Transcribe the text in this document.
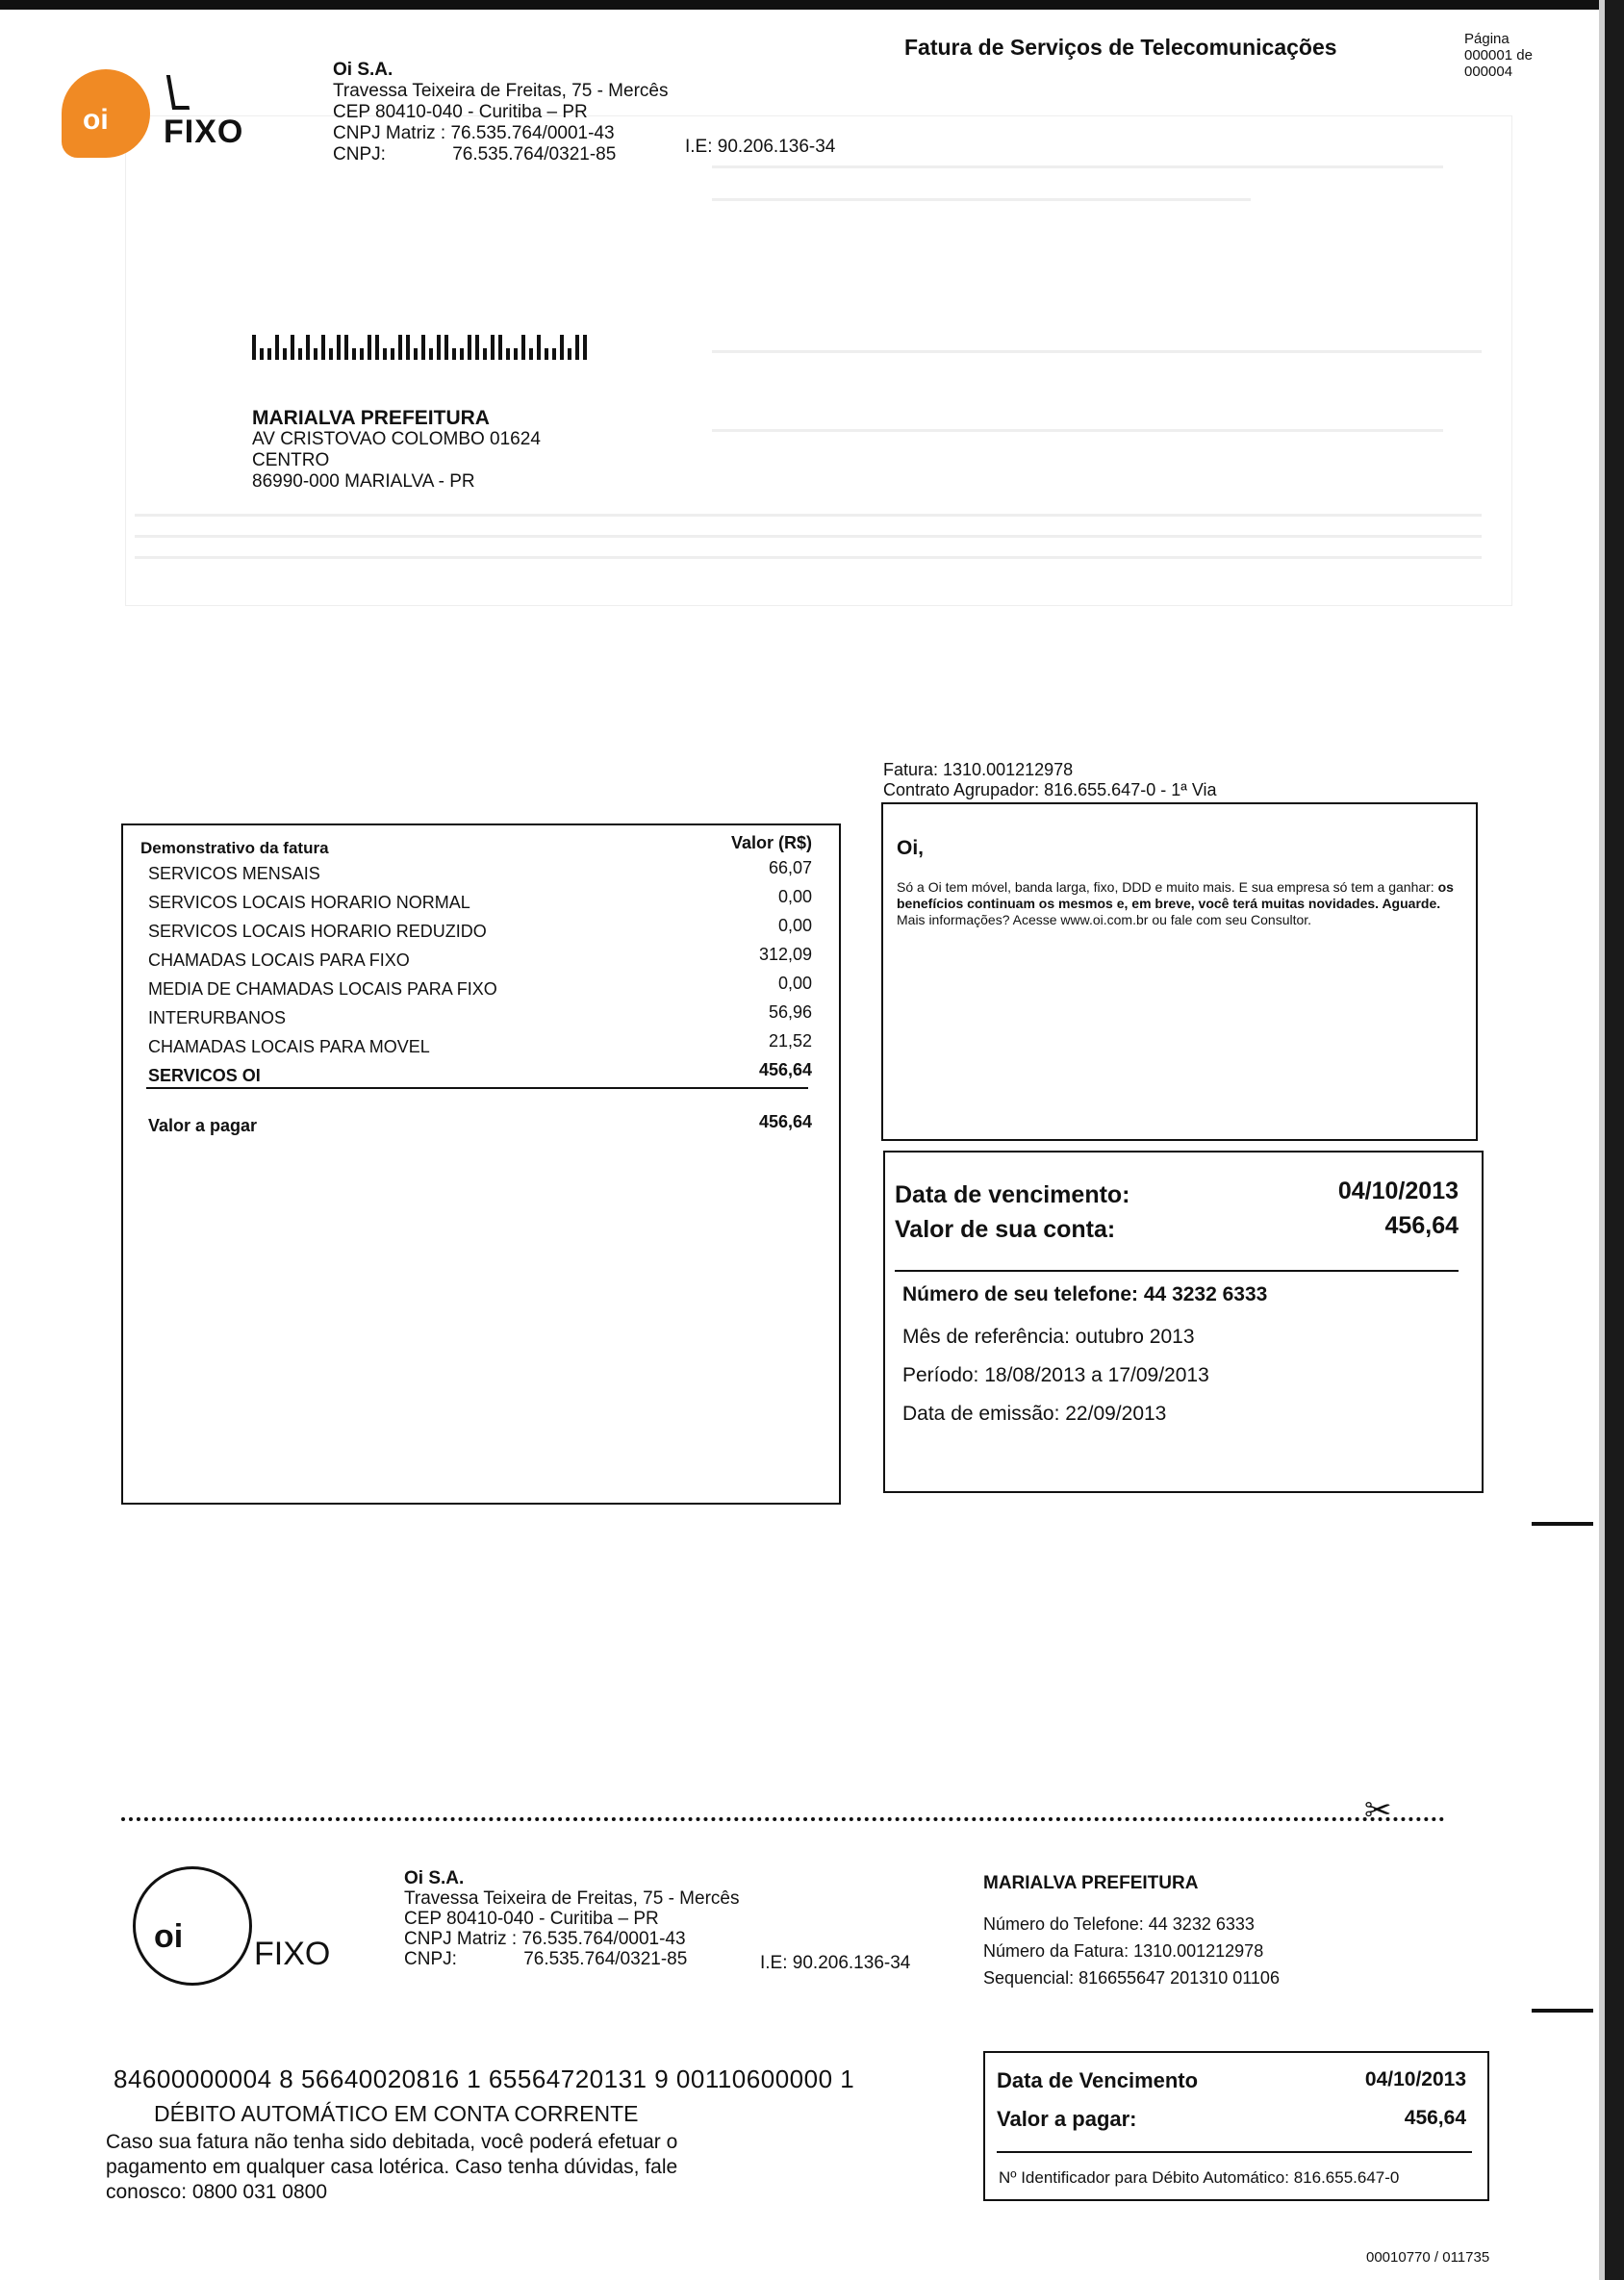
oi FIXO
Oi S.A.
Travessa Teixeira de Freitas, 75 - Mercês
CEP 80410-040 - Curitiba – PR
CNPJ Matriz : 76.535.764/0001-43
CNPJ:	76.535.764/0321-85	I.E: 90.206.136-34
Fatura de Serviços de Telecomunicações	Página
000001 de
000004
MARIALVA PREFEITURA
AV CRISTOVAO COLOMBO 01624
CENTRO
86990-000 MARIALVA - PR
Fatura: 1310.001212978
Contrato Agrupador: 816.655.647-0 - 1ª Via
Demonstrativo da fatura	Valor (R$)
SERVICOS MENSAIS	66,07
SERVICOS LOCAIS HORARIO NORMAL	0,00
SERVICOS LOCAIS HORARIO REDUZIDO	0,00
CHAMADAS LOCAIS PARA FIXO	312,09
MEDIA DE CHAMADAS LOCAIS PARA FIXO	0,00
INTERURBANOS	56,96
CHAMADAS LOCAIS PARA MOVEL	21,52
SERVICOS OI	456,64
Valor a pagar	456,64
Oi,
Só a Oi tem móvel, banda larga, fixo, DDD e muito mais. E sua empresa só tem a ganhar: os benefícios continuam os mesmos e, em breve, você terá muitas novidades. Aguarde.
Mais informações? Acesse www.oi.com.br ou fale com seu Consultor.
Data de vencimento:	04/10/2013
Valor de sua conta:	456,64
Número de seu telefone: 44 3232 6333
Mês de referência: outubro 2013
Período: 18/08/2013 a 17/09/2013
Data de emissão: 22/09/2013
✂
oi FIXO
Oi S.A.
Travessa Teixeira de Freitas, 75 - Mercês
CEP 80410-040 - Curitiba – PR
CNPJ Matriz : 76.535.764/0001-43
CNPJ:	76.535.764/0321-85	I.E: 90.206.136-34
MARIALVA PREFEITURA
Número do Telefone: 44 3232 6333
Número da Fatura: 1310.001212978
Sequencial: 816655647 201310 01106
84600000004 8 56640020816 1 65564720131 9 00110600000 1
DÉBITO AUTOMÁTICO EM CONTA CORRENTE
Caso sua fatura não tenha sido debitada, você poderá efetuar o pagamento em qualquer casa lotérica. Caso tenha dúvidas, fale conosco: 0800 031 0800
Data de Vencimento	04/10/2013
Valor a pagar:	456,64
Nº Identificador para Débito Automático: 816.655.647-0
00010770 / 011735
